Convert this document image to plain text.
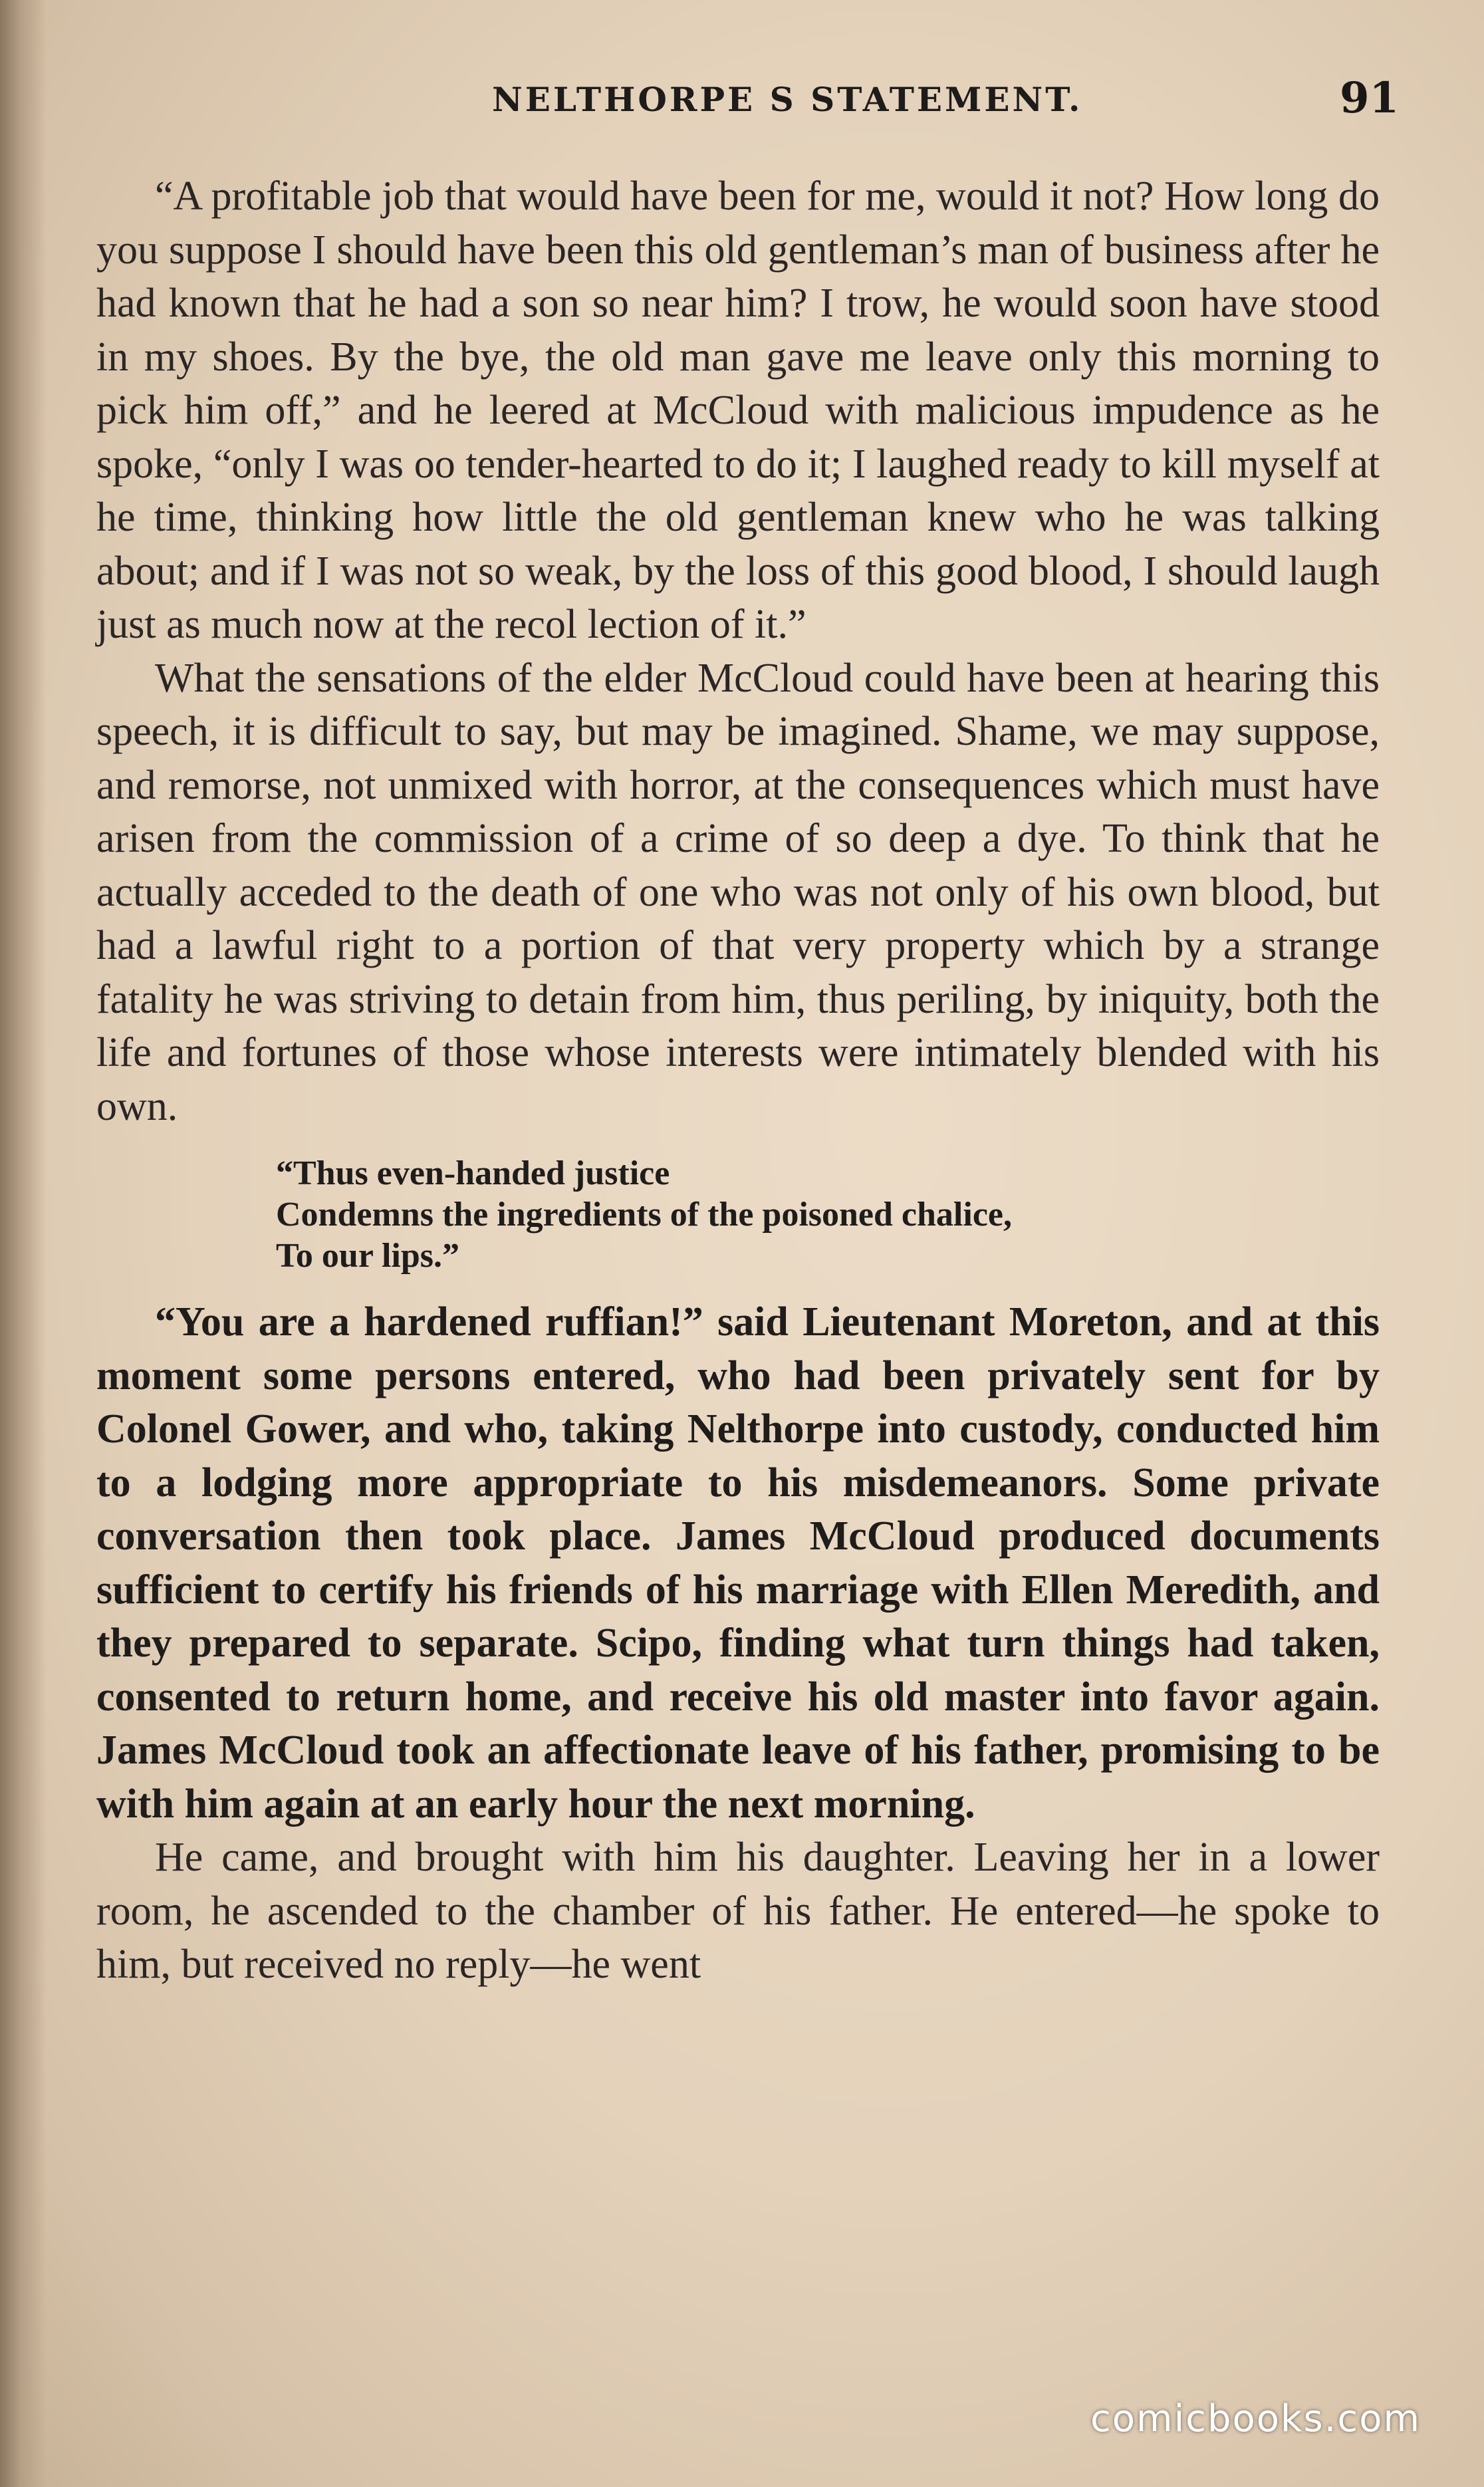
NELTHORPE S STATEMENT.	91

“A profitable job that would have been for me, would it not? How long do you suppose I should have been this old gentleman’s man of business after he had known that he had a son so near him? I trow, he would soon have stood in my shoes. By the bye, the old man gave me leave only this morning to pick him off,” and he leered at McCloud with malicious impudence as he spoke, “only I was oo tender-hearted to do it; I laughed ready to kill myself at he time, thinking how little the old gentleman knew who he was talking about; and if I was not so weak, by the loss of this good blood, I should laugh just as much now at the recol lection of it.”

What the sensations of the elder McCloud could have been at hearing this speech, it is difficult to say, but may be imagined. Shame, we may suppose, and remorse, not unmixed with horror, at the consequences which must have arisen from the commission of a crime of so deep a dye. To think that he actually acceded to the death of one who was not only of his own blood, but had a lawful right to a portion of that very property which by a strange fatality he was striving to detain from him, thus periling, by iniquity, both the life and fortunes of those whose interests were intimately blended with his own.

“Thus even-handed justice
Condemns the ingredients of the poisoned chalice,
To our lips.”

“You are a hardened ruffian!” said Lieutenant Moreton, and at this moment some persons entered, who had been privately sent for by Colonel Gower, and who, taking Nelthorpe into custody, conducted him to a lodging more appropriate to his misdemeanors. Some private conversation then took place. James McCloud produced documents sufficient to certify his friends of his marriage with Ellen Meredith, and they prepared to separate. Scipo, finding what turn things had taken, consented to return home, and receive his old master into favor again. James McCloud took an affectionate leave of his father, promising to be with him again at an early hour the next morning.

He came, and brought with him his daughter. Leaving her in a lower room, he ascended to the chamber of his father. He entered—he spoke to him, but received no reply—he went

comicbooks.com
